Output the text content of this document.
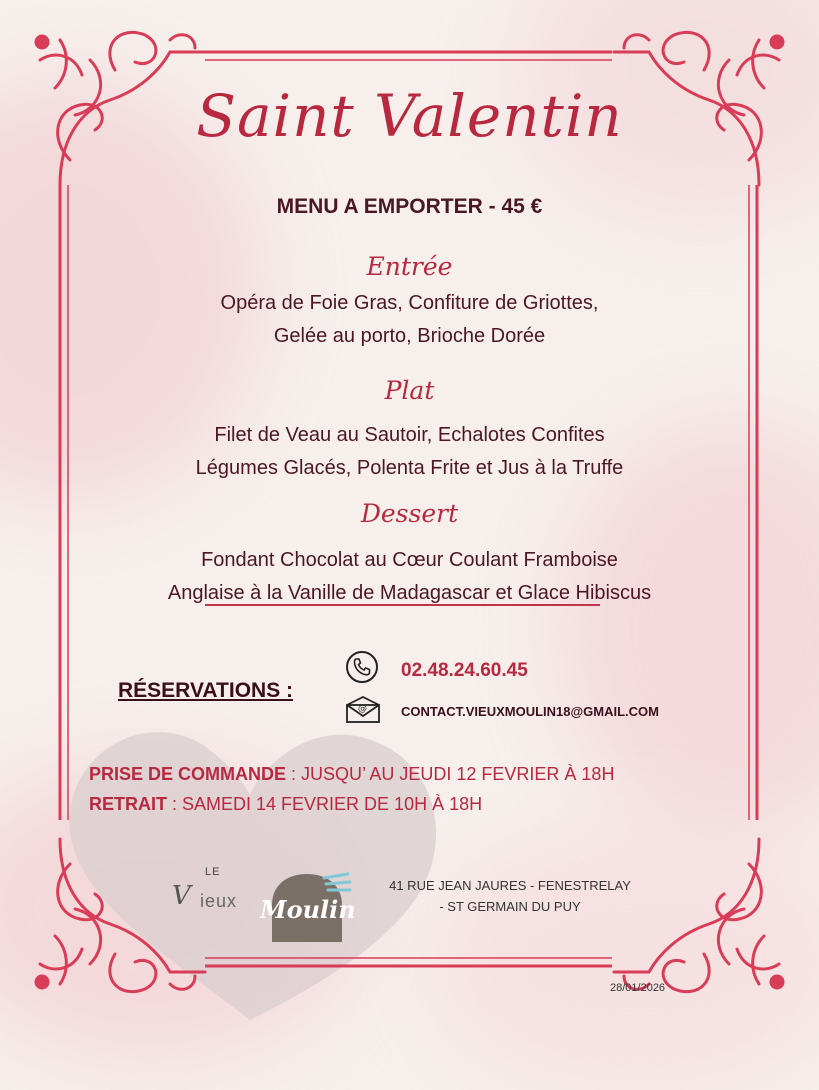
Saint Valentin
MENU A EMPORTER - 45 €
Entrée
Opéra de Foie Gras, Confiture de Griottes,
Gelée au porto, Brioche Dorée
Plat
Filet de Veau au Sautoir, Echalotes Confites
Légumes Glacés, Polenta Frite et Jus à la Truffe
Dessert
Fondant Chocolat au Cœur Coulant Framboise
Anglaise à la Vanille de Madagascar et Glace Hibiscus
RÉSERVATIONS :
02.48.24.60.45
@	CONTACT.VIEUXMOULIN18@GMAIL.COM
PRISE DE COMMANDE : JUSQU’ AU JEUDI 12 FEVRIER À 18H
RETRAIT : SAMEDI 14 FEVRIER DE 10H À 18H
LE
V ieux Moulin
41 RUE JEAN JAURES - FENESTRELAY
- ST GERMAIN DU PUY
28/01/2026
